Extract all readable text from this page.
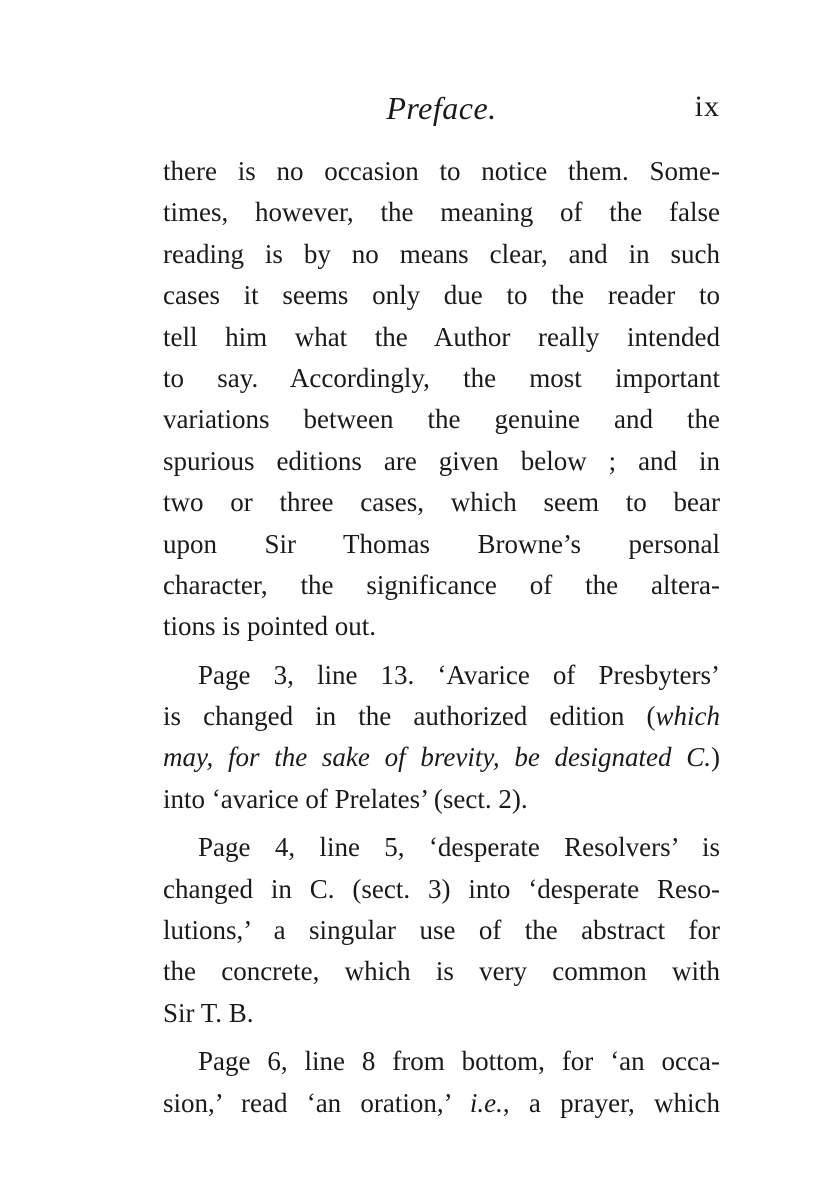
Preface.	ix
there is no occasion to notice them. Some-
times, however, the meaning of the false
reading is by no means clear, and in such
cases it seems only due to the reader to
tell him what the Author really intended
to say. Accordingly, the most important
variations between the genuine and the
spurious editions are given below ; and in
two or three cases, which seem to bear
upon Sir Thomas Browne’s personal
character, the significance of the altera-
tions is pointed out.
Page 3, line 13. ‘Avarice of Presbyters’
is changed in the authorized edition (which
may, for the sake of brevity, be designated C.)
into ‘avarice of Prelates’ (sect. 2).
Page 4, line 5, ‘desperate Resolvers’ is
changed in C. (sect. 3) into ‘desperate Reso-
lutions,’ a singular use of the abstract for
the concrete, which is very common with
Sir T. B.
Page 6, line 8 from bottom, for ‘an occa-
sion,’ read ‘an oration,’ i.e., a prayer, which
